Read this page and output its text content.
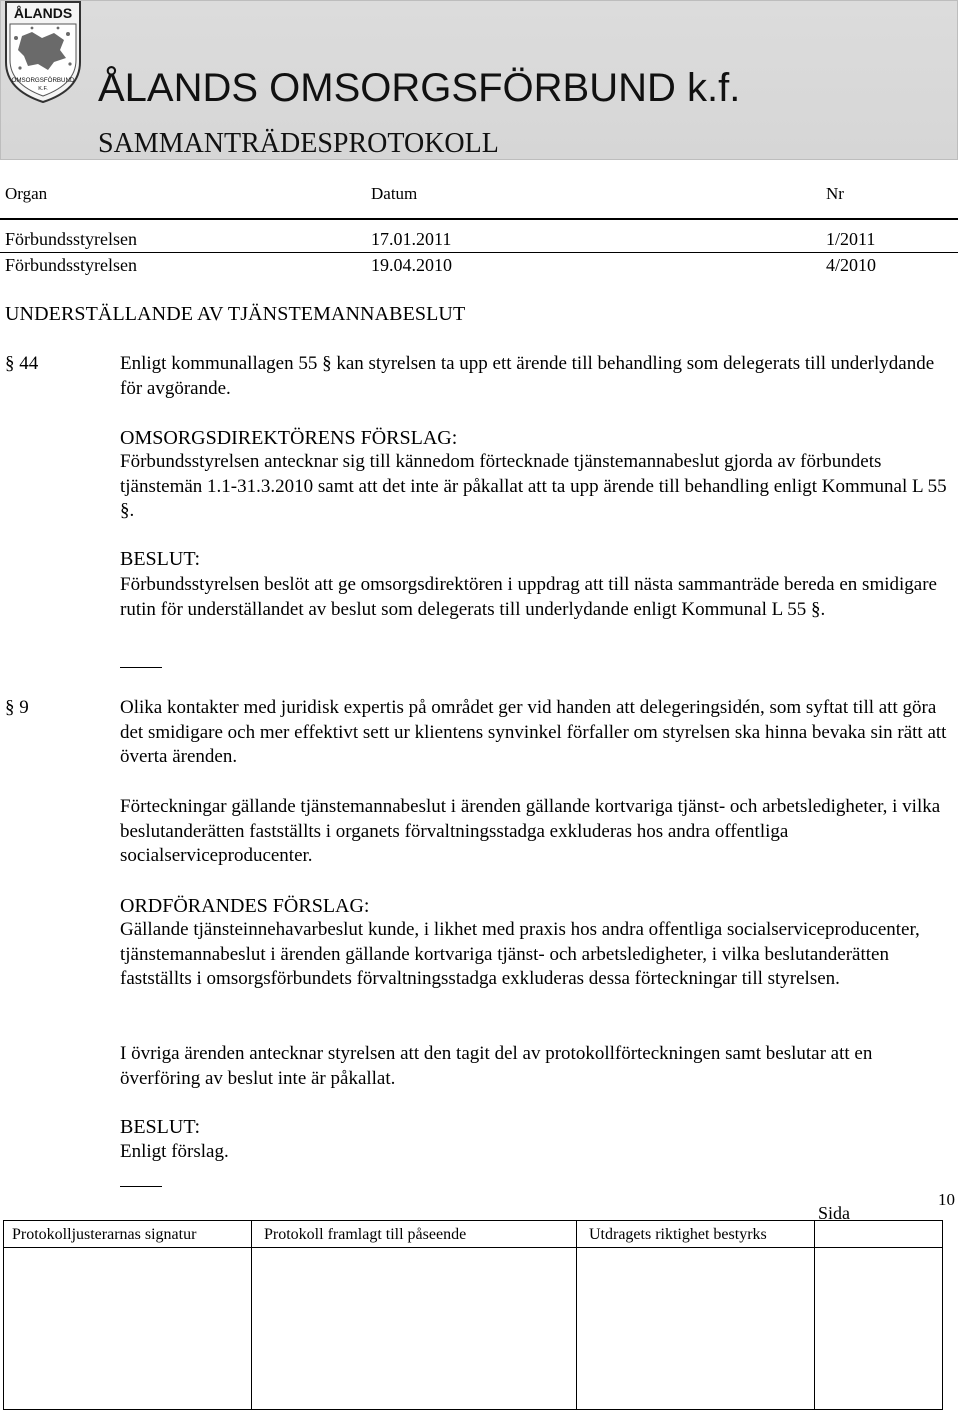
ÅLANDS
OMSORGSFÖRBUND
K.F. ÅLANDS OMSORGSFÖRBUND k.f.
SAMMANTRÄDESPROTOKOLL
Organ	Datum	Nr
Förbundsstyrelsen	17.01.2011	1/2011
Förbundsstyrelsen	19.04.2010	4/2010
UNDERSTÄLLANDE AV TJÄNSTEMANNABESLUT
§ 44	Enligt kommunallagen 55 § kan styrelsen ta upp ett ärende till behandling som delegerats till underlydande för avgörande.
OMSORGSDIREKTÖRENS FÖRSLAG:
Förbundsstyrelsen antecknar sig till kännedom förtecknade tjänstemannabeslut gjorda av förbundets tjänstemän 1.1-31.3.2010 samt att det inte är påkallat att ta upp ärende till behandling enligt Kommunal L 55 §.
BESLUT:
Förbundsstyrelsen beslöt att ge omsorgsdirektören i uppdrag att till nästa sammanträde bereda en smidigare rutin för underställandet av beslut som delegerats till underlydande enligt Kommunal L 55 §.
§ 9	Olika kontakter med juridisk expertis på området ger vid handen att delegeringsidén, som syftat till att göra det smidigare och mer effektivt sett ur klientens synvinkel förfaller om styrelsen ska hinna bevaka sin rätt att överta ärenden.
Förteckningar gällande tjänstemannabeslut i ärenden gällande kortvariga tjänst- och arbetsledigheter, i vilka beslutanderätten fastställts i organets förvaltningsstadga exkluderas hos andra offentliga socialserviceproducenter.
ORDFÖRANDES FÖRSLAG:
Gällande tjänsteinnehavarbeslut kunde, i likhet med praxis hos andra offentliga socialserviceproducenter, tjänstemannabeslut i ärenden gällande kortvariga tjänst- och arbetsledigheter, i vilka beslutanderätten fastställts i omsorgsförbundets förvaltningsstadga exkluderas dessa förteckningar till styrelsen.
I övriga ärenden antecknar styrelsen att den tagit del av protokollförteckningen samt beslutar att en överföring av beslut inte är påkallat.
BESLUT:
Enligt förslag.
Sida
10
Protokolljusterarnas signatur	Protokoll framlagt till påseende	Utdragets riktighet bestyrks
